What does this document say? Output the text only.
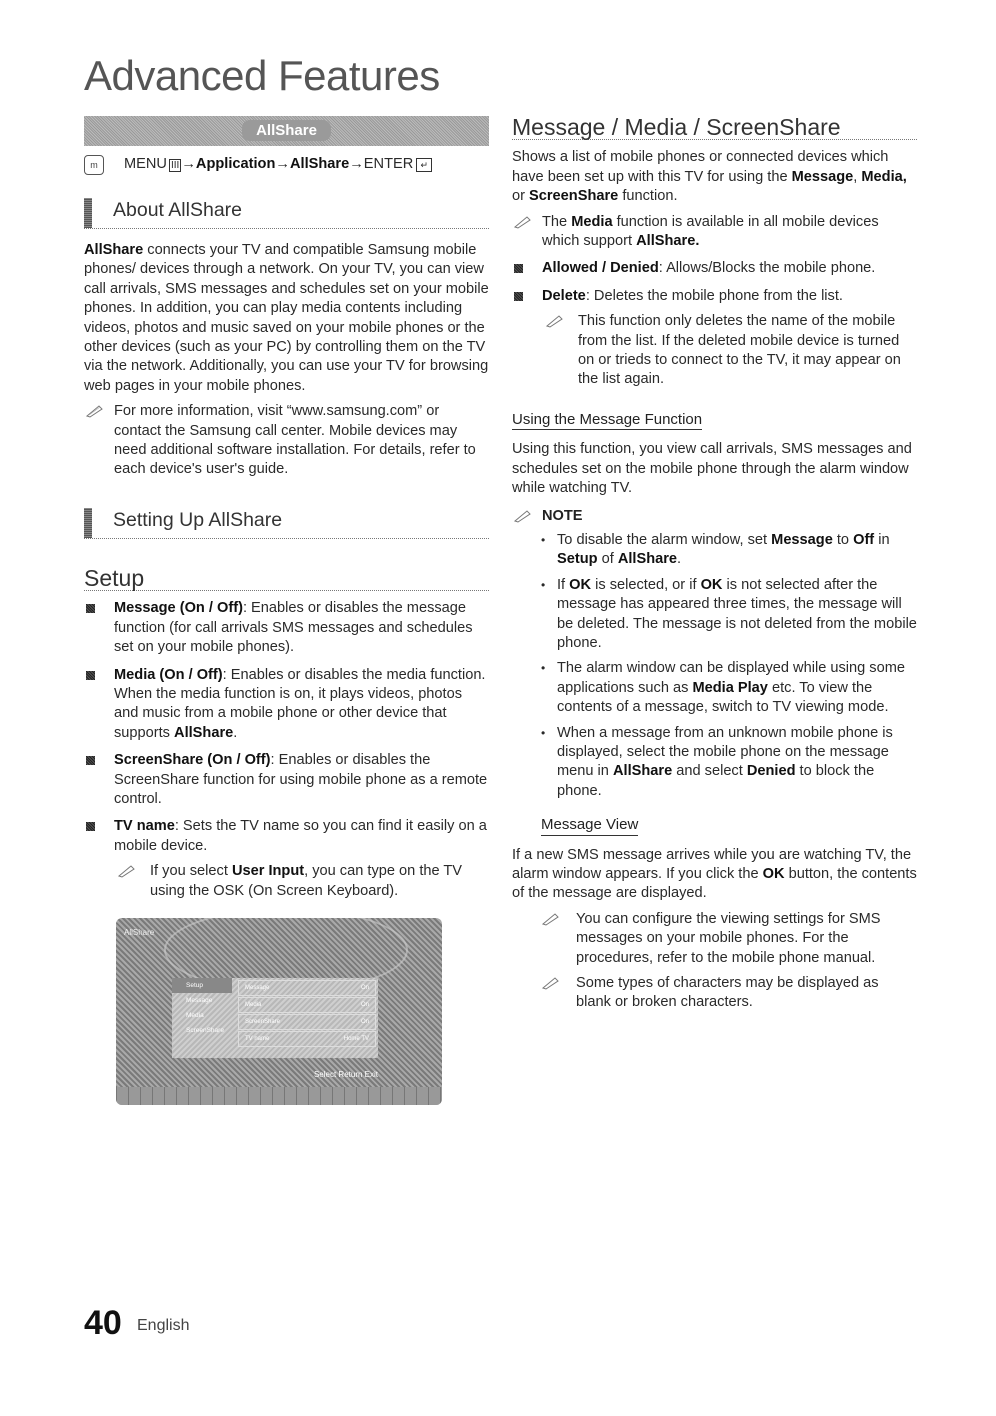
Advanced Features
AllShare
m	MENU III → Application → AllShare → ENTER ↵
About AllShare

AllShare connects your TV and compatible Samsung mobile phones/ devices through a network. On your TV, you can view call arrivals, SMS messages and schedules set on your mobile phones. In addition, you can play media contents including videos, photos and music saved on your mobile phones or the other devices (such as your PC) by controlling them on the TV via the network. Additionally, you can use your TV for browsing web pages in your mobile phones.

For more information, visit “www.samsung.com” or contact the Samsung call center. Mobile devices may need additional software installation. For details, refer to each device's user's guide.
Setting Up AllShare
Setup
Message (On / Off): Enables or disables the message function (for call arrivals SMS messages and schedules set on your mobile phones).
Media (On / Off): Enables or disables the media function. When the media function is on, it plays videos, photos and music from a mobile phone or other device that supports AllShare.
ScreenShare (On / Off): Enables or disables the ScreenShare function for using mobile phone as a remote control.
TV name: Sets the TV name so you can find it easily on a mobile device.
If you select User Input, you can type on the TV using the OSK (On Screen Keyboard).
AllShare
Setup
Message
Media
ScreenShare
Message	On
Media	On
ScreenShare	On
TV name	Home TV
Select Return Exit
Message / Media / ScreenShare

Shows a list of mobile phones or connected devices which have been set up with this TV for using the Message, Media, or ScreenShare function.

The Media function is available in all mobile devices which support AllShare.
Allowed / Denied: Allows/Blocks the mobile phone.
Delete: Deletes the mobile phone from the list.
This function only deletes the name of the mobile from the list. If the deleted mobile device is turned on or trieds to connect to the TV, it may appear on the list again.
Using the Message Function

Using this function, you view call arrivals, SMS messages and schedules set on the mobile phone through the alarm window while watching TV.

NOTE
• To disable the alarm window, set Message to Off in Setup of AllShare.
• If OK is selected, or if OK is not selected after the message has appeared three times, the message will be deleted. The message is not deleted from the mobile phone.
• The alarm window can be displayed while using some applications such as Media Play etc. To view the contents of a message, switch to TV viewing mode.
• When a message from an unknown mobile phone is displayed, select the mobile phone on the message menu in AllShare and select Denied to block the phone.
Message View

If a new SMS message arrives while you are watching TV, the alarm window appears. If you click the OK button, the contents of the message are displayed.

You can configure the viewing settings for SMS messages on your mobile phones. For the procedures, refer to the mobile phone manual.
Some types of characters may be displayed as blank or broken characters.
40 English
